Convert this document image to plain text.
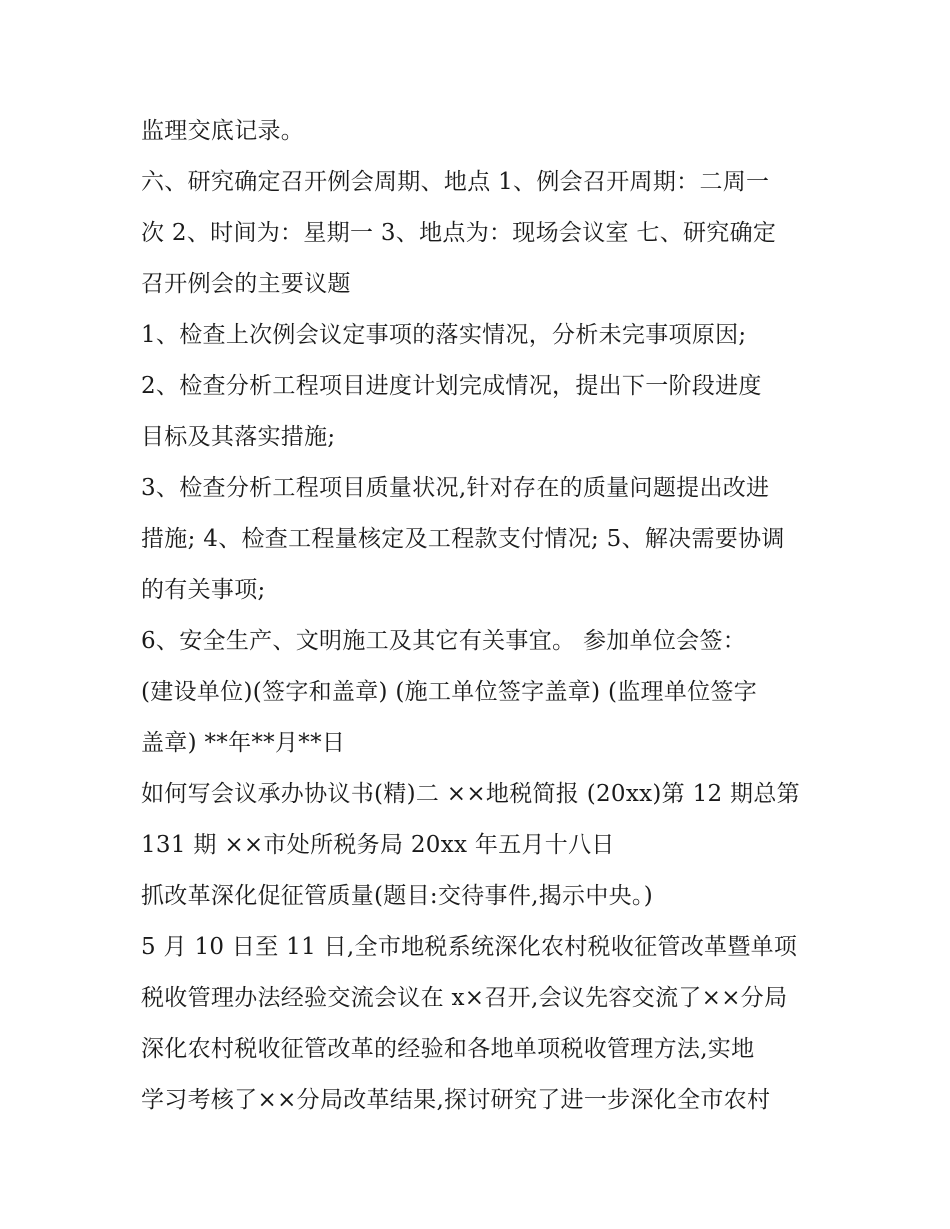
监理交底记录。
六、研究确定召开例会周期、地点 1、例会召开周期：二周一
次 2、时间为：星期一 3、地点为：现场会议室 七、研究确定
召开例会的主要议题
1、检查上次例会议定事项的落实情况，分析未完事项原因;
2、检查分析工程项目进度计划完成情况，提出下一阶段进度
目标及其落实措施;
3、检查分析工程项目质量状况,针对存在的质量问题提出改进
措施; 4、检查工程量核定及工程款支付情况; 5、解决需要协调
的有关事项;
6、安全生产、文明施工及其它有关事宜。 参加单位会签：
(建设单位)(签字和盖章) (施工单位签字盖章) (监理单位签字
盖章) **年**月**日
如何写会议承办协议书(精)二 ××地税简报 (20xx)第 12 期总第
131 期 ××市处所税务局 20xx 年五月十八日
抓改革深化促征管质量(题目:交待事件,揭示中央。)
5 月 10 日至 11 日,全市地税系统深化农村税收征管改革暨单项
税收管理办法经验交流会议在 x×召开,会议先容交流了××分局
深化农村税收征管改革的经验和各地单项税收管理方法,实地
学习考核了××分局改革结果,探讨研究了进一步深化全市农村
